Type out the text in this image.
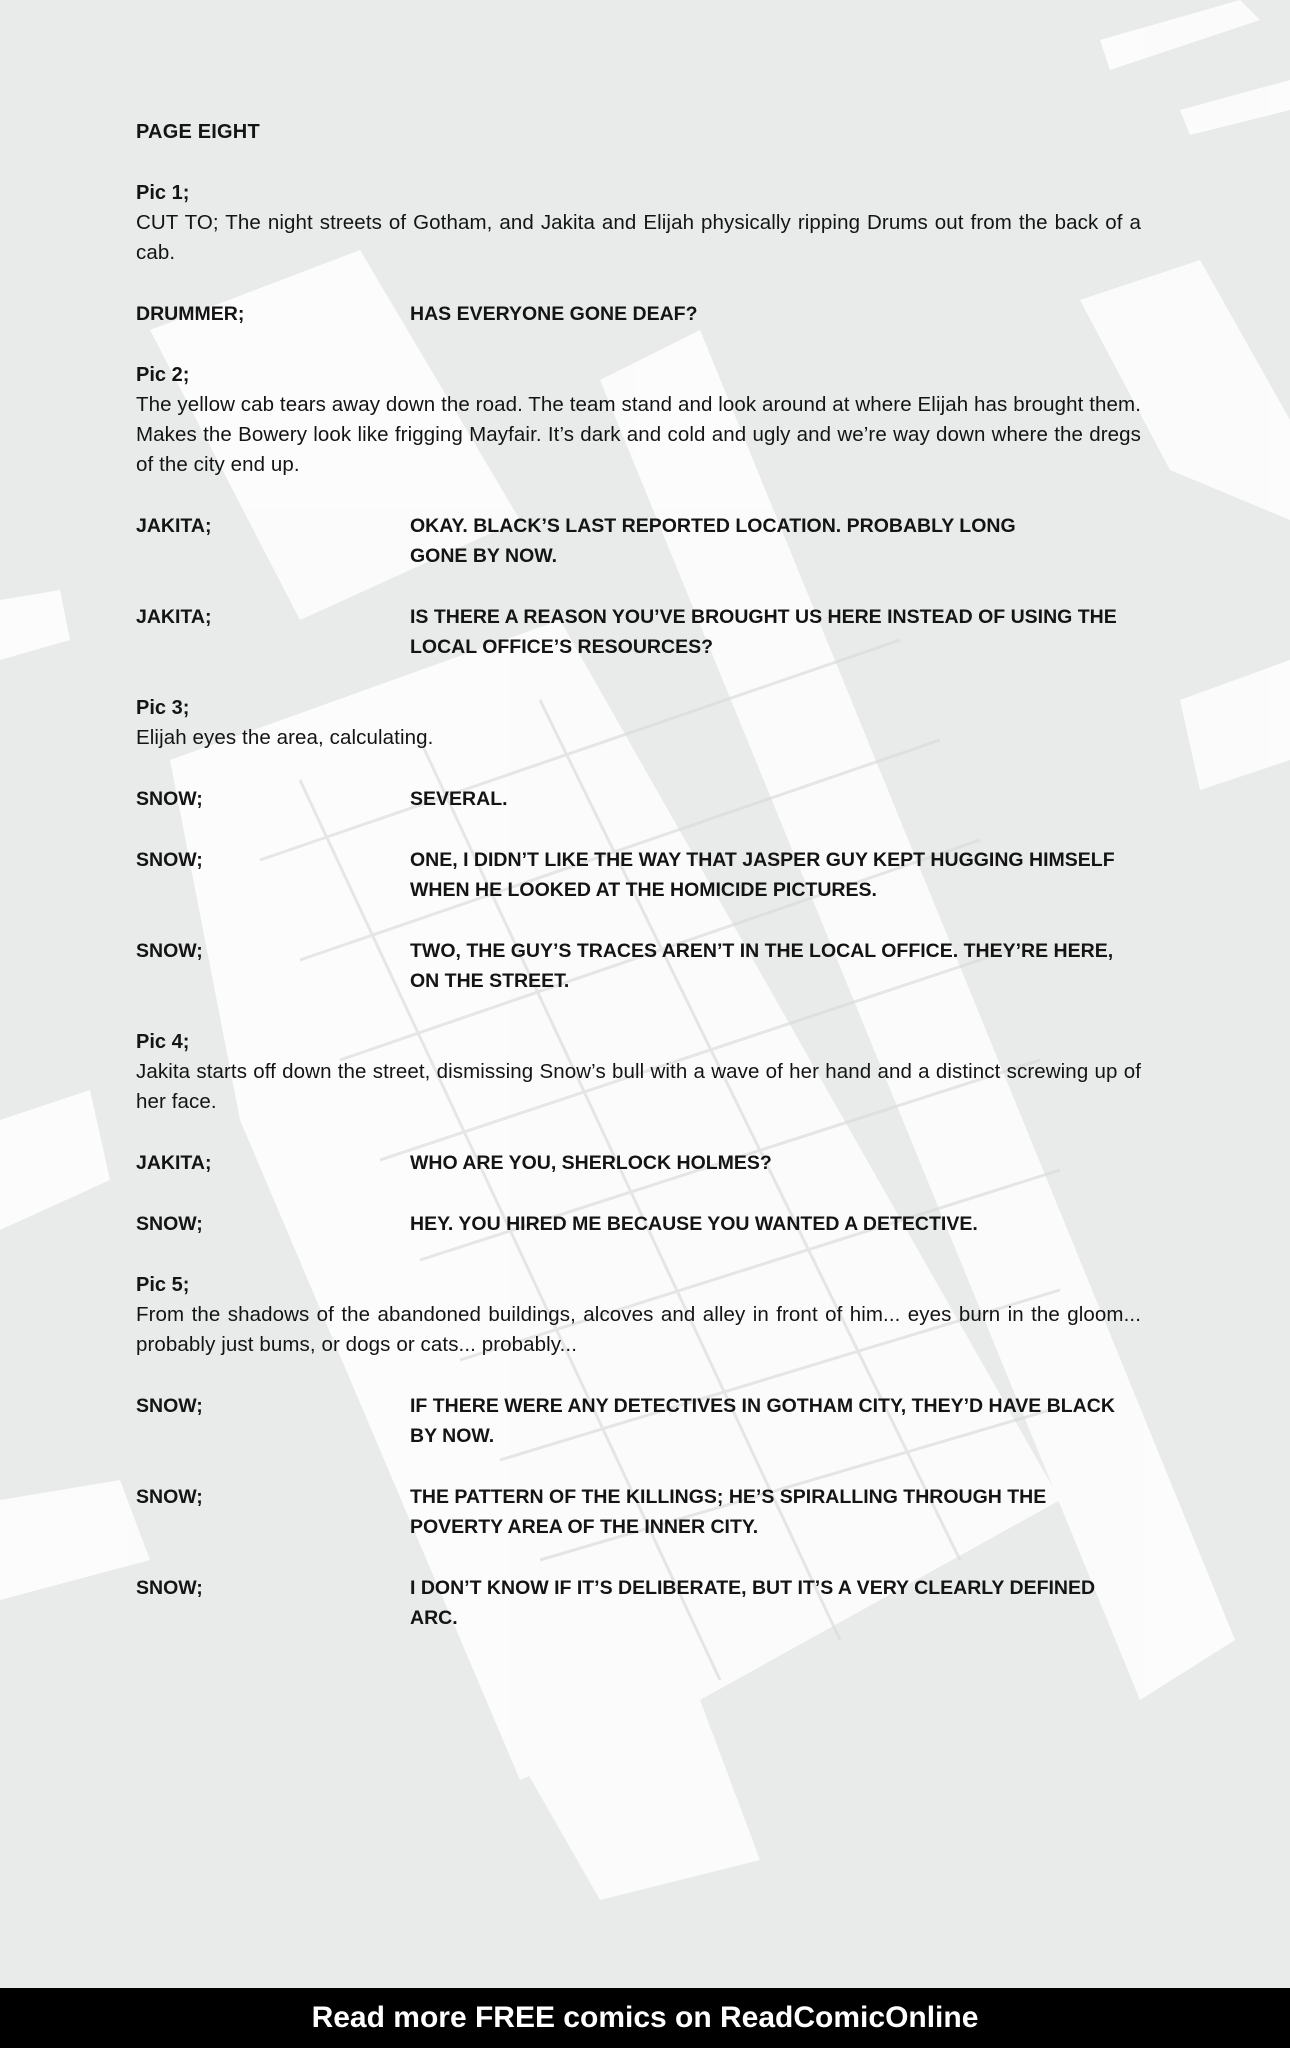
PAGE EIGHT
Pic 1;
CUT TO; The night streets of Gotham, and Jakita and Elijah physically ripping Drums out from the back of a cab.
DRUMMER;	HAS EVERYONE GONE DEAF?
Pic 2;
The yellow cab tears away down the road. The team stand and look around at where Elijah has brought them. Makes the Bowery look like frigging Mayfair. It’s dark and cold and ugly and we’re way down where the dregs of the city end up.
JAKITA;	OKAY. BLACK’S LAST REPORTED LOCATION. PROBABLY LONG
GONE BY NOW.
JAKITA;	IS THERE A REASON YOU’VE BROUGHT US HERE INSTEAD OF USING THE
LOCAL OFFICE’S RESOURCES?
Pic 3;
Elijah eyes the area, calculating.
SNOW;	SEVERAL.
SNOW;	ONE, I DIDN’T LIKE THE WAY THAT JASPER GUY KEPT HUGGING HIMSELF
WHEN HE LOOKED AT THE HOMICIDE PICTURES.
SNOW;	TWO, THE GUY’S TRACES AREN’T IN THE LOCAL OFFICE. THEY’RE HERE,
ON THE STREET.
Pic 4;
Jakita starts off down the street, dismissing Snow’s bull with a wave of her hand and a distinct screwing up of her face.
JAKITA;	WHO ARE YOU, SHERLOCK HOLMES?
SNOW;	HEY. YOU HIRED ME BECAUSE YOU WANTED A DETECTIVE.
Pic 5;
From the shadows of the abandoned buildings, alcoves and alley in front of him... eyes burn in the gloom... probably just bums, or dogs or cats... probably...
SNOW;	IF THERE WERE ANY DETECTIVES IN GOTHAM CITY, THEY’D HAVE BLACK
BY NOW.
SNOW;	THE PATTERN OF THE KILLINGS; HE’S SPIRALLING THROUGH THE
POVERTY AREA OF THE INNER CITY.
SNOW;	I DON’T KNOW IF IT’S DELIBERATE, BUT IT’S A VERY CLEARLY DEFINED ARC.
Read more FREE comics on ReadComicOnline
